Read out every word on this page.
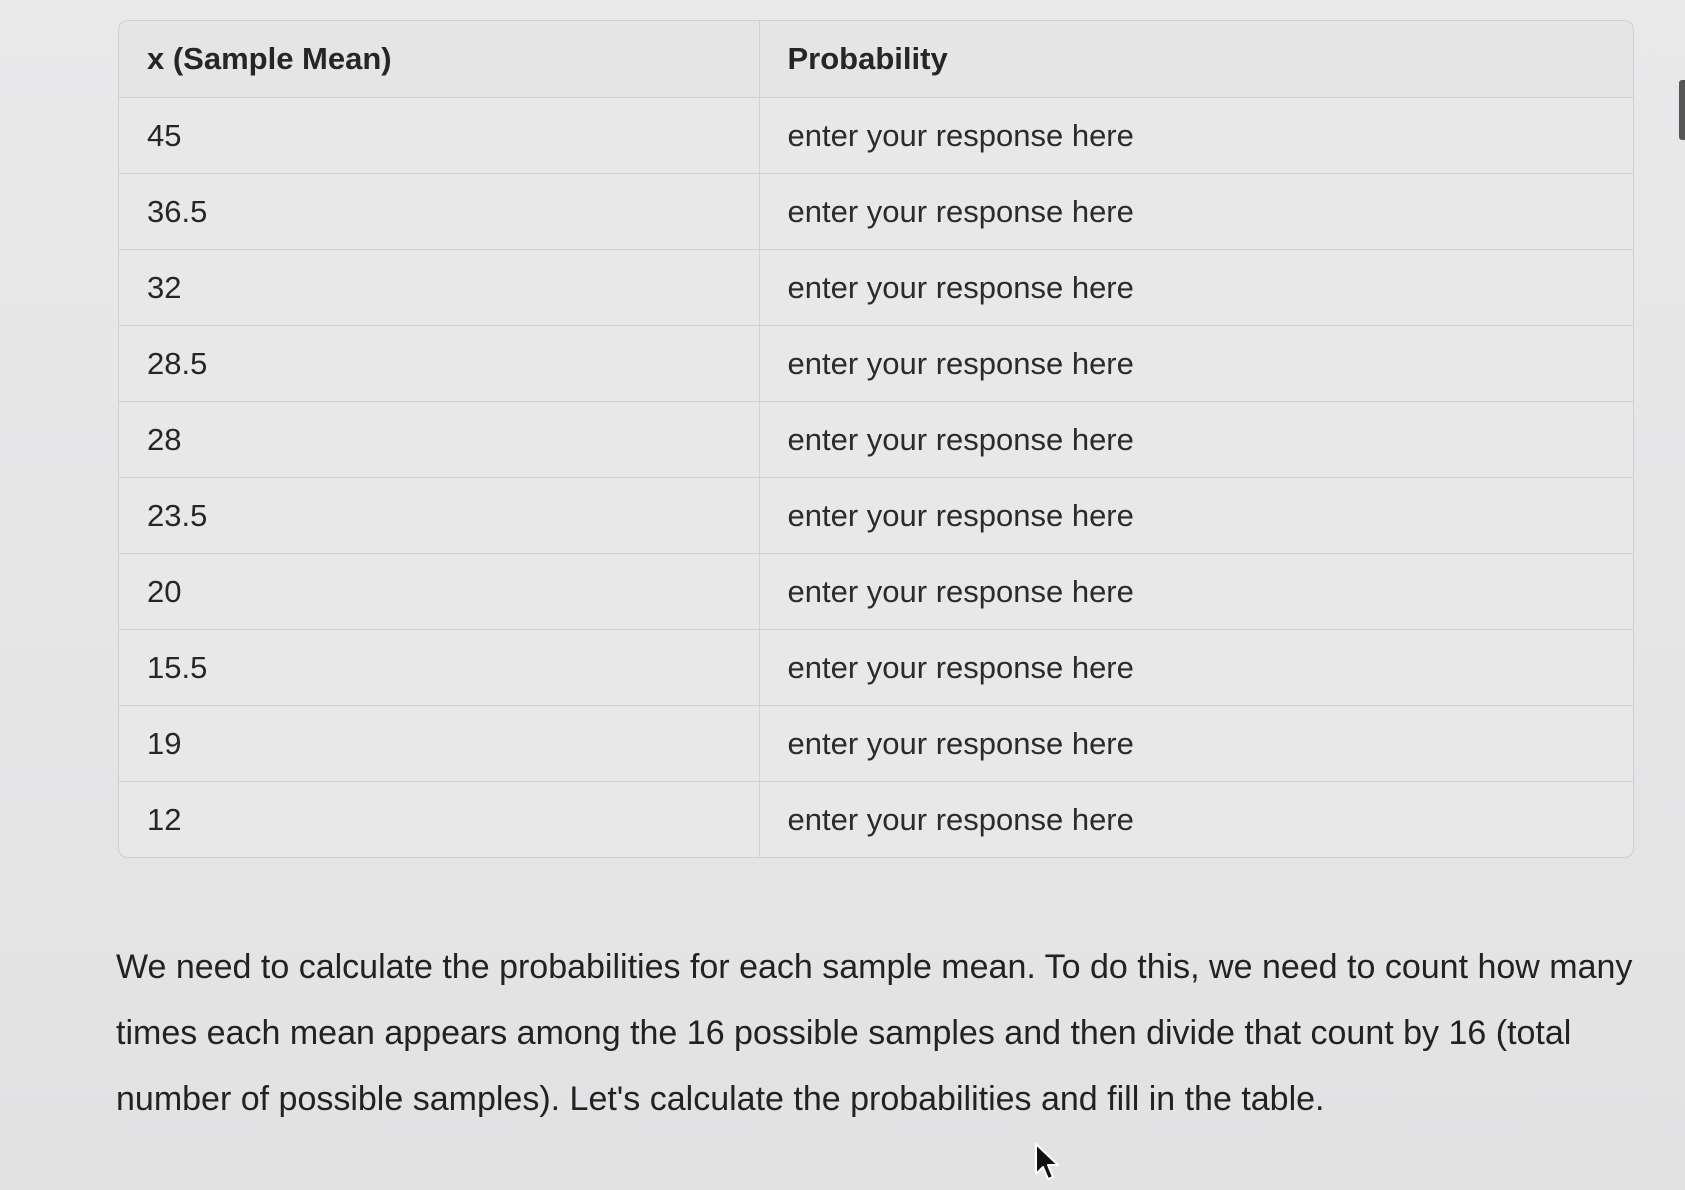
x (Sample Mean)	Probability
45	enter your response here
36.5	enter your response here
32	enter your response here
28.5	enter your response here
28	enter your response here
23.5	enter your response here
20	enter your response here
15.5	enter your response here
19	enter your response here
12	enter your response here

We need to calculate the probabilities for each sample mean. To do this, we need to count how many times each mean appears among the 16 possible samples and then divide that count by 16 (total number of possible samples). Let's calculate the probabilities and fill in the table.
